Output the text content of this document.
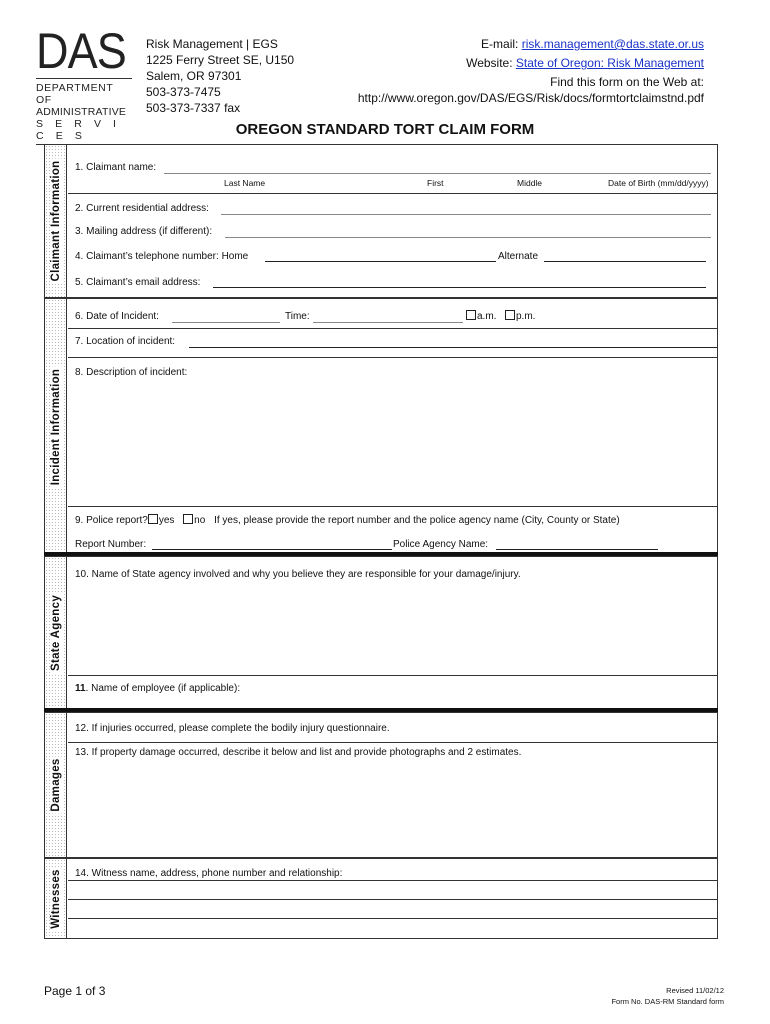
DAS
DEPARTMENT OF
ADMINISTRATIVE
S E R V I C E S
Risk Management | EGS
1225 Ferry Street SE, U150
Salem, OR 97301
503-373-7475
503-373-7337 fax
E-mail: risk.management@das.state.or.us
Website: State of Oregon: Risk Management
Find this form on the Web at:
http://www.oregon.gov/DAS/EGS/Risk/docs/formtortclaimstnd.pdf
OREGON STANDARD TORT CLAIM FORM
Claimant Information 1. Claimant name:
Last Name	First	Middle	Date of Birth (mm/dd/yyyy)
2. Current residential address:
3. Mailing address (if different):
4. Claimant’s telephone number: Home	Alternate
5. Claimant’s email address:
Incident Information
6. Date of Incident:	Time:	a.m.	p.m.
7. Location of incident:
8. Description of incident:
9. Police report? yes no If yes, please provide the report number and the police agency name (City, County or State)
Report Number:	Police Agency Name:
State Agency
10. Name of State agency involved and why you believe they are responsible for your damage/injury.
11. Name of employee (if applicable):
Damages
12. If injuries occurred, please complete the bodily injury questionnaire.
13. If property damage occurred, describe it below and list and provide photographs and 2 estimates.
Witnesses 14. Witness name, address, phone number and relationship:
Page 1 of 3	Revised 11/02/12
Form No. DAS-RM Standard form
